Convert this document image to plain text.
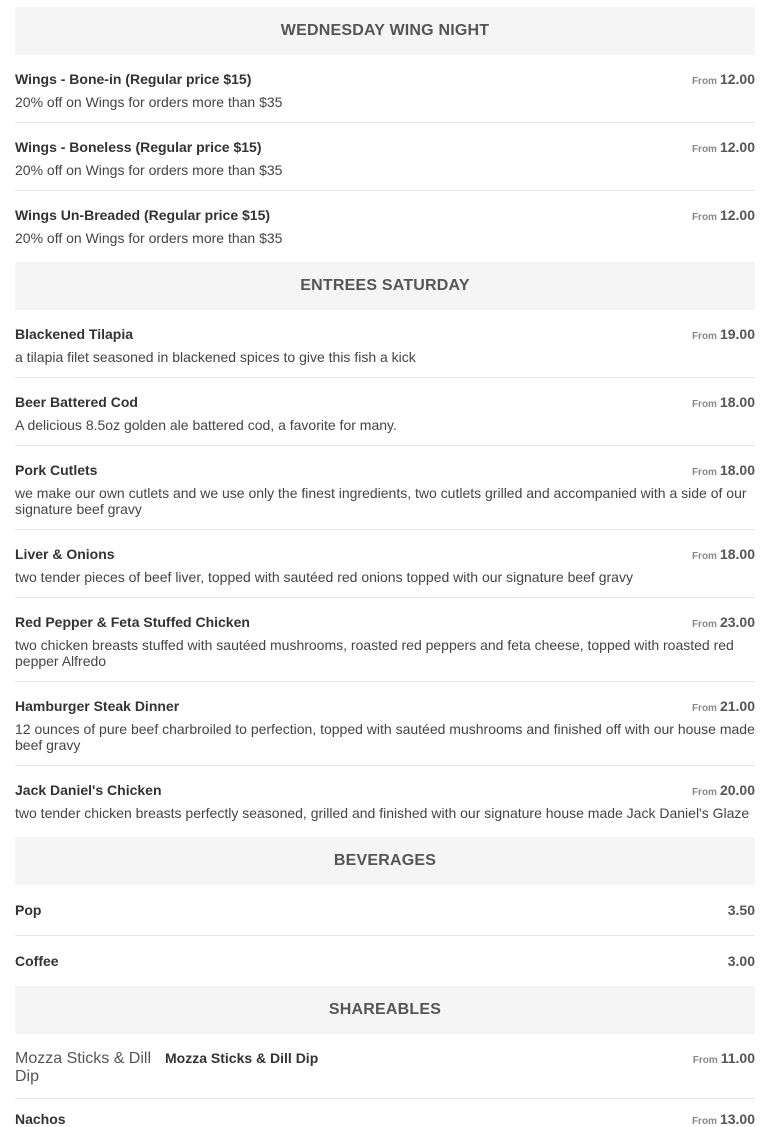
WEDNESDAY WING NIGHT
Wings - Bone-in (Regular price $15)	From 12.00
20% off on Wings for orders more than $35
Wings - Boneless (Regular price $15)	From 12.00
20% off on Wings for orders more than $35
Wings Un-Breaded (Regular price $15)	From 12.00
20% off on Wings for orders more than $35
ENTREES SATURDAY
Blackened Tilapia	From 19.00
a tilapia filet seasoned in blackened spices to give this fish a kick
Beer Battered Cod	From 18.00
A delicious 8.5oz golden ale battered cod, a favorite for many.
Pork Cutlets	From 18.00
we make our own cutlets and we use only the finest ingredients, two cutlets grilled and accompanied with a side of our signature beef gravy
Liver & Onions	From 18.00
two tender pieces of beef liver, topped with sautéed red onions topped with our signature beef gravy
Red Pepper & Feta Stuffed Chicken	From 23.00
two chicken breasts stuffed with sautéed mushrooms, roasted red peppers and feta cheese, topped with roasted red pepper Alfredo
Hamburger Steak Dinner	From 21.00
12 ounces of pure beef charbroiled to perfection, topped with sautéed mushrooms and finished off with our house made beef gravy
Jack Daniel's Chicken	From 20.00
two tender chicken breasts perfectly seasoned, grilled and finished with our signature house made Jack Daniel's Glaze
BEVERAGES
Pop	3.50
Coffee	3.00
SHAREABLES
Mozza Sticks & Dill Dip
Mozza Sticks & Dill Dip	From 11.00
Nachos	From 13.00
